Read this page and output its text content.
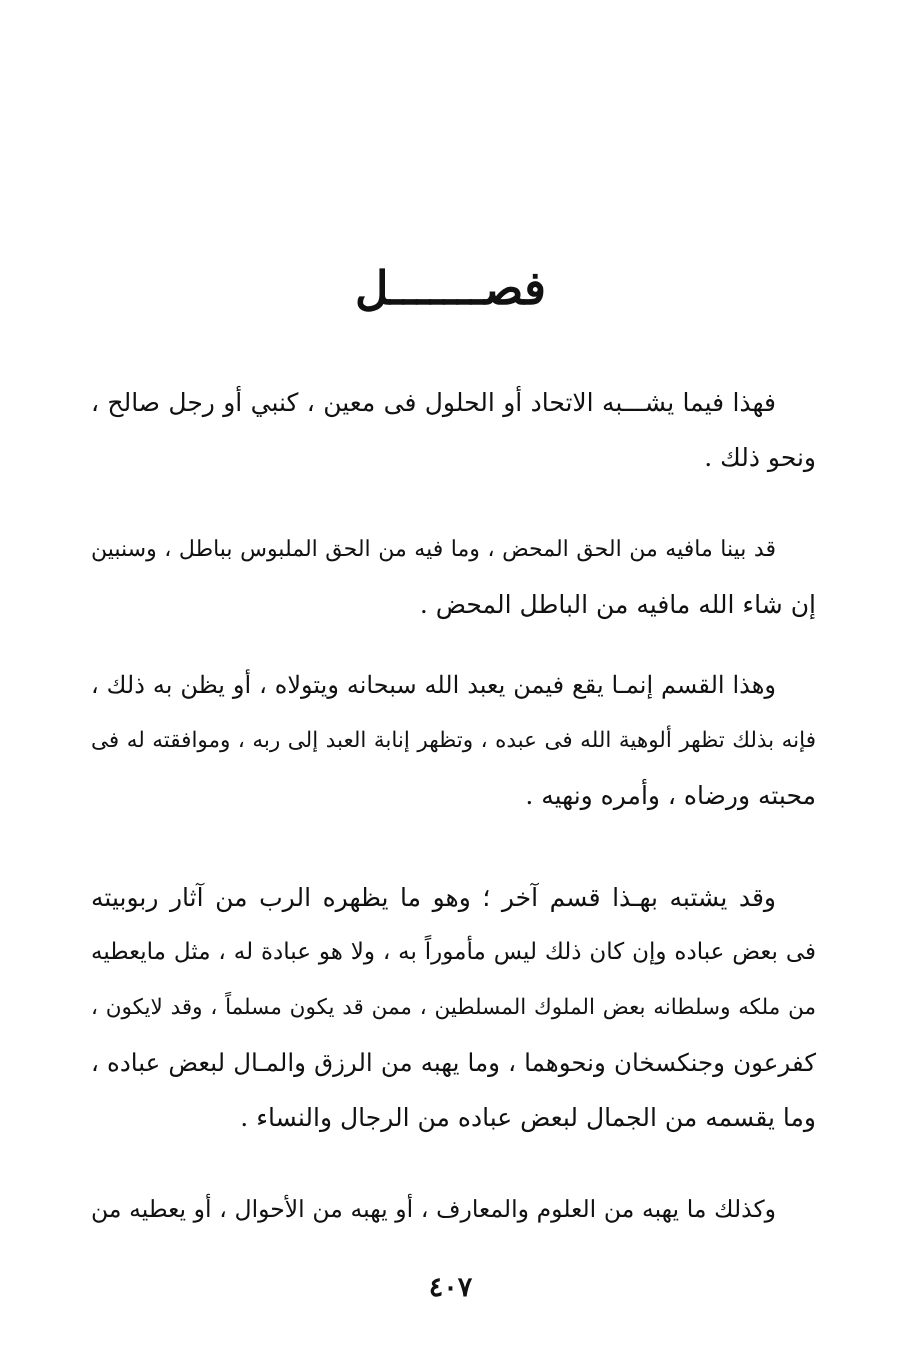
فصـــــــل
فهذا فيما يشـــبه الاتحاد أو الحلول فى معين ، كنبي أو رجل صالح ،
ونحو ذلك .
قد بينا مافيه من الحق المحض ، وما فيه من الحق الملبوس بباطل ، وسنبين
إن شاء الله مافيه من الباطل المحض .
وهذا القسم إنمـا يقع فيمن يعبد الله سبحانه ويتولاه ، أو يظن به ذلك ،
فإنه بذلك تظهر ألوهية الله فى عبده ، وتظهر إنابة العبد إلى ربه ، وموافقته له فى
محبته ورضاه ، وأمره ونهيه .
وقد يشتبه بهـذا قسم آخر ؛ وهو ما يظهره الرب من آثار ربوبيته
فى بعض عباده وإن كان ذلك ليس مأموراً به ، ولا هو عبادة له ، مثل مايعطيه
من ملكه وسلطانه بعض الملوك المسلطين ، ممن قد يكون مسلماً ، وقد لايكون ،
كفرعون وجنكسخان ونحوهما ، وما يهبه من الرزق والمـال لبعض عباده ،
وما يقسمه من الجمال لبعض عباده من الرجال والنساء .
وكذلك ما يهبه من العلوم والمعارف ، أو يهبه من الأحوال ، أو يعطيه من
٤٠٧
